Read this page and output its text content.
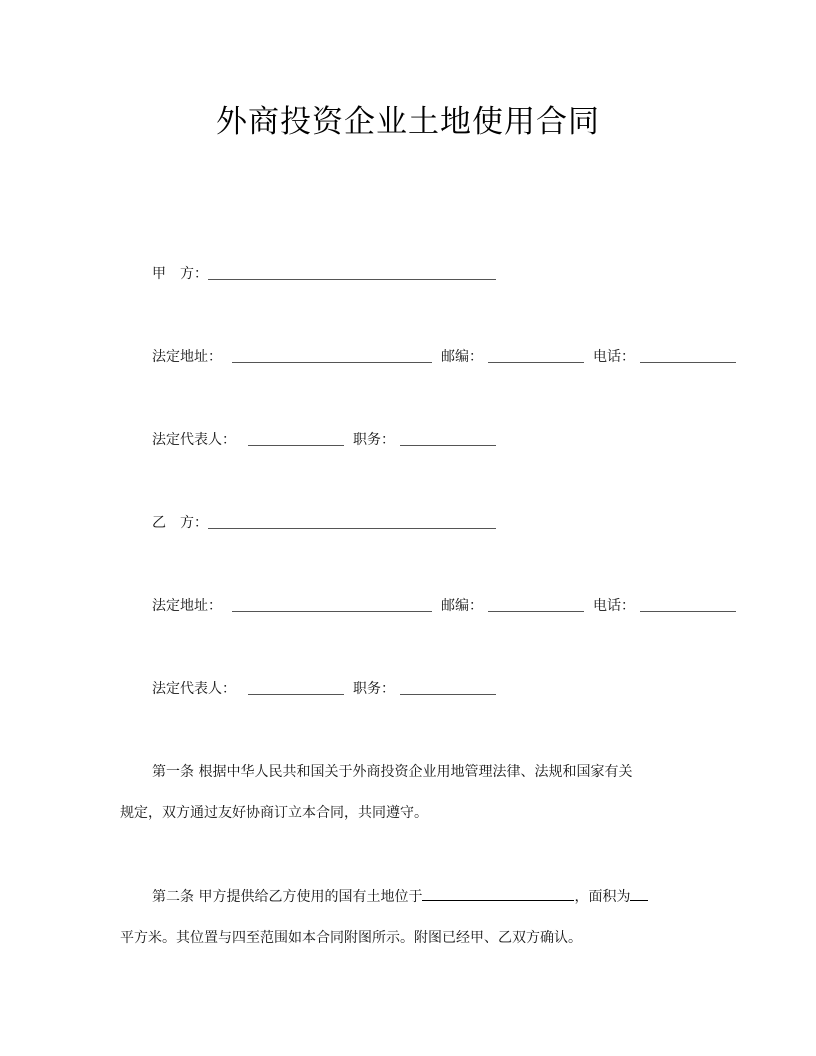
外商投资企业土地使用合同
甲　方：
法定地址：	邮编：	电话：
法定代表人：	职务：
乙　方：
法定地址：	邮编：	电话：
法定代表人：	职务：
第一条 根据中华人民共和国关于外商投资企业用地管理法律、法规和国家有关
规定，双方通过友好协商订立本合同，共同遵守。
第二条 甲方提供给乙方使用的国有土地位于	，面积为
平方米。其位置与四至范围如本合同附图所示。附图已经甲、乙双方确认。
